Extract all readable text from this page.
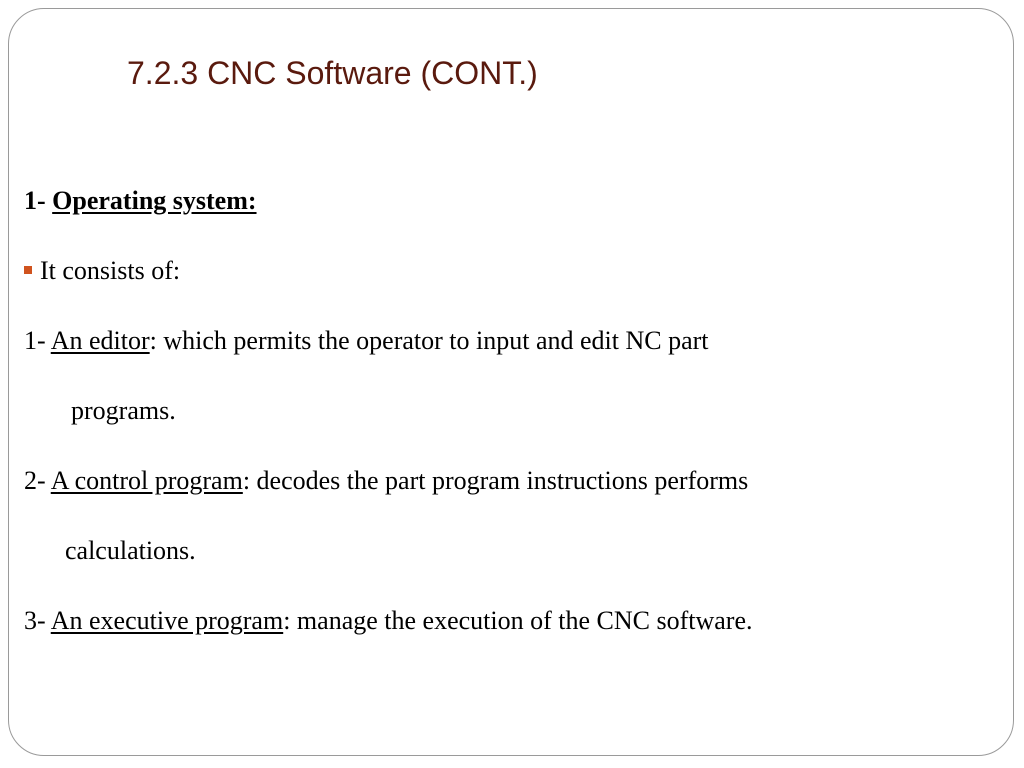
7.2.3 CNC Software (CONT.)
1- Operating system:
It consists of:
1- An editor: which permits the operator to input and edit NC part
programs.
2- A control program: decodes the part program instructions performs
calculations.
3- An executive program: manage the execution of the CNC software.
